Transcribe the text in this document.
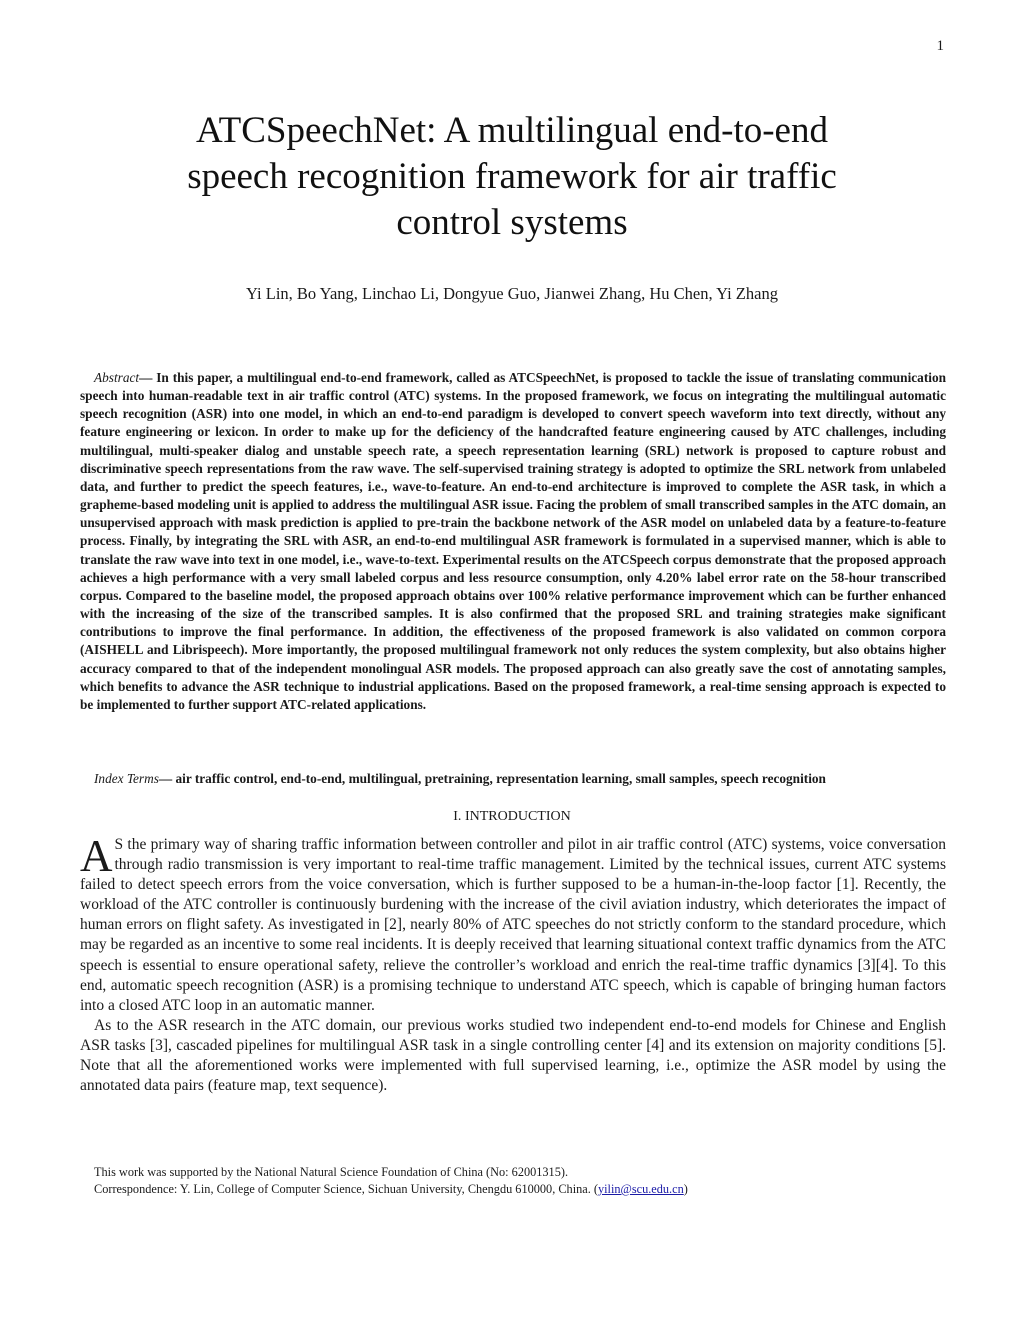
1
ATCSpeechNet: A multilingual end-to-end
speech recognition framework for air traffic
control systems
Yi Lin, Bo Yang, Linchao Li, Dongyue Guo, Jianwei Zhang, Hu Chen, Yi Zhang
Abstract— In this paper, a multilingual end-to-end framework, called as ATCSpeechNet, is proposed to tackle the issue of translating communication speech into human-readable text in air traffic control (ATC) systems. In the proposed framework, we focus on integrating the multilingual automatic speech recognition (ASR) into one model, in which an end-to-end paradigm is developed to convert speech waveform into text directly, without any feature engineering or lexicon. In order to make up for the deficiency of the handcrafted feature engineering caused by ATC challenges, including multilingual, multi-speaker dialog and unstable speech rate, a speech representation learning (SRL) network is proposed to capture robust and discriminative speech representations from the raw wave. The self-supervised training strategy is adopted to optimize the SRL network from unlabeled data, and further to predict the speech features, i.e., wave-to-feature. An end-to-end architecture is improved to complete the ASR task, in which a grapheme-based modeling unit is applied to address the multilingual ASR issue. Facing the problem of small transcribed samples in the ATC domain, an unsupervised approach with mask prediction is applied to pre-train the backbone network of the ASR model on unlabeled data by a feature-to-feature process. Finally, by integrating the SRL with ASR, an end-to-end multilingual ASR framework is formulated in a supervised manner, which is able to translate the raw wave into text in one model, i.e., wave-to-text. Experimental results on the ATCSpeech corpus demonstrate that the proposed approach achieves a high performance with a very small labeled corpus and less resource consumption, only 4.20% label error rate on the 58-hour transcribed corpus. Compared to the baseline model, the proposed approach obtains over 100% relative performance improvement which can be further enhanced with the increasing of the size of the transcribed samples. It is also confirmed that the proposed SRL and training strategies make significant contributions to improve the final performance. In addition, the effectiveness of the proposed framework is also validated on common corpora (AISHELL and Librispeech). More importantly, the proposed multilingual framework not only reduces the system complexity, but also obtains higher accuracy compared to that of the independent monolingual ASR models. The proposed approach can also greatly save the cost of annotating samples, which benefits to advance the ASR technique to industrial applications. Based on the proposed framework, a real-time sensing approach is expected to be implemented to further support ATC-related applications.
Index Terms— air traffic control, end-to-end, multilingual, pretraining, representation learning, small samples, speech recognition
I. INTRODUCTION

A S the primary way of sharing traffic information between controller and pilot in air traffic control (ATC) systems, voice conversation through radio transmission is very important to real-time traffic management. Limited by the technical issues, current ATC systems failed to detect speech errors from the voice conversation, which is further supposed to be a human-in-the-loop factor [1]. Recently, the workload of the ATC controller is continuously burdening with the increase of the civil aviation industry, which deteriorates the impact of human errors on flight safety. As investigated in [2], nearly 80% of ATC speeches do not strictly conform to the standard procedure, which may be regarded as an incentive to some real incidents. It is deeply received that learning situational context traffic dynamics from the ATC speech is essential to ensure operational safety, relieve the controller’s workload and enrich the real-time traffic dynamics [3][4]. To this end, automatic speech recognition (ASR) is a promising technique to understand ATC speech, which is capable of bringing human factors into a closed ATC loop in an automatic manner.

As to the ASR research in the ATC domain, our previous works studied two independent end-to-end models for Chinese and English ASR tasks [3], cascaded pipelines for multilingual ASR task in a single controlling center [4] and its extension on majority conditions [5]. Note that all the aforementioned works were implemented with full supervised learning, i.e., optimize the ASR model by using the annotated data pairs (feature map, text sequence).

This work was supported by the National Natural Science Foundation of China (No: 62001315).
Correspondence: Y. Lin, College of Computer Science, Sichuan University, Chengdu 610000, China. (yilin@scu.edu.cn)
